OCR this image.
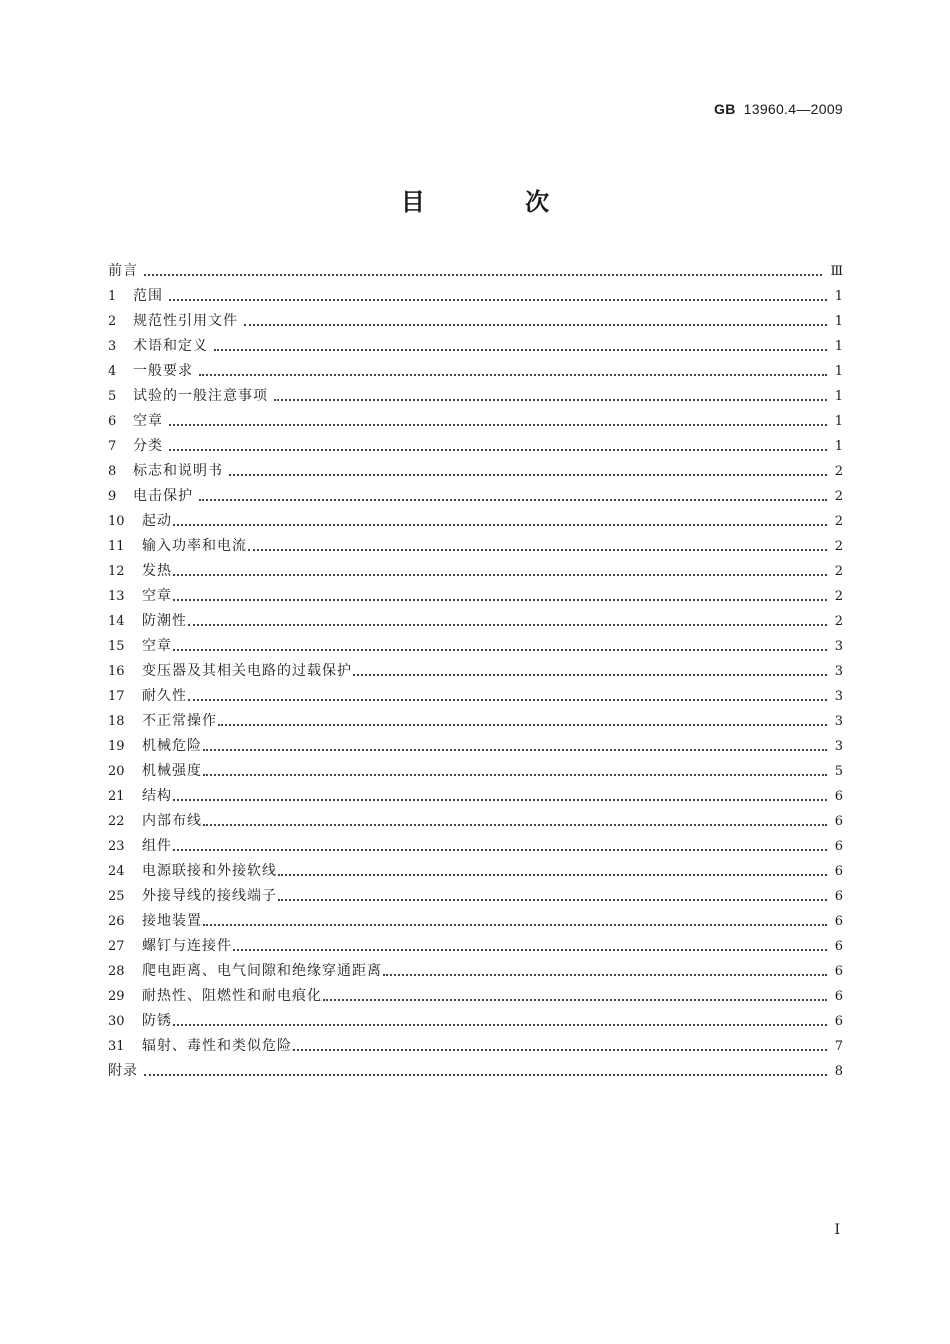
GB 13960.4—2009
目 次
前言	Ⅲ
1	范围	1
2	规范性引用文件	1
3	术语和定义	1
4	一般要求	1
5	试验的一般注意事项	1
6	空章	1
7	分类	1
8	标志和说明书	2
9	电击保护	2
10	起动	2
11	输入功率和电流	2
12	发热	2
13	空章	2
14	防潮性	2
15	空章	3
16	变压器及其相关电路的过载保护	3
17	耐久性	3
18	不正常操作	3
19	机械危险	3
20	机械强度	5
21	结构	6
22	内部布线	6
23	组件	6
24	电源联接和外接软线	6
25	外接导线的接线端子	6
26	接地装置	6
27	螺钉与连接件	6
28	爬电距离、电气间隙和绝缘穿通距离	6
29	耐热性、阻燃性和耐电痕化	6
30	防锈	6
31	辐射、毒性和类似危险	7
附录	8
I
